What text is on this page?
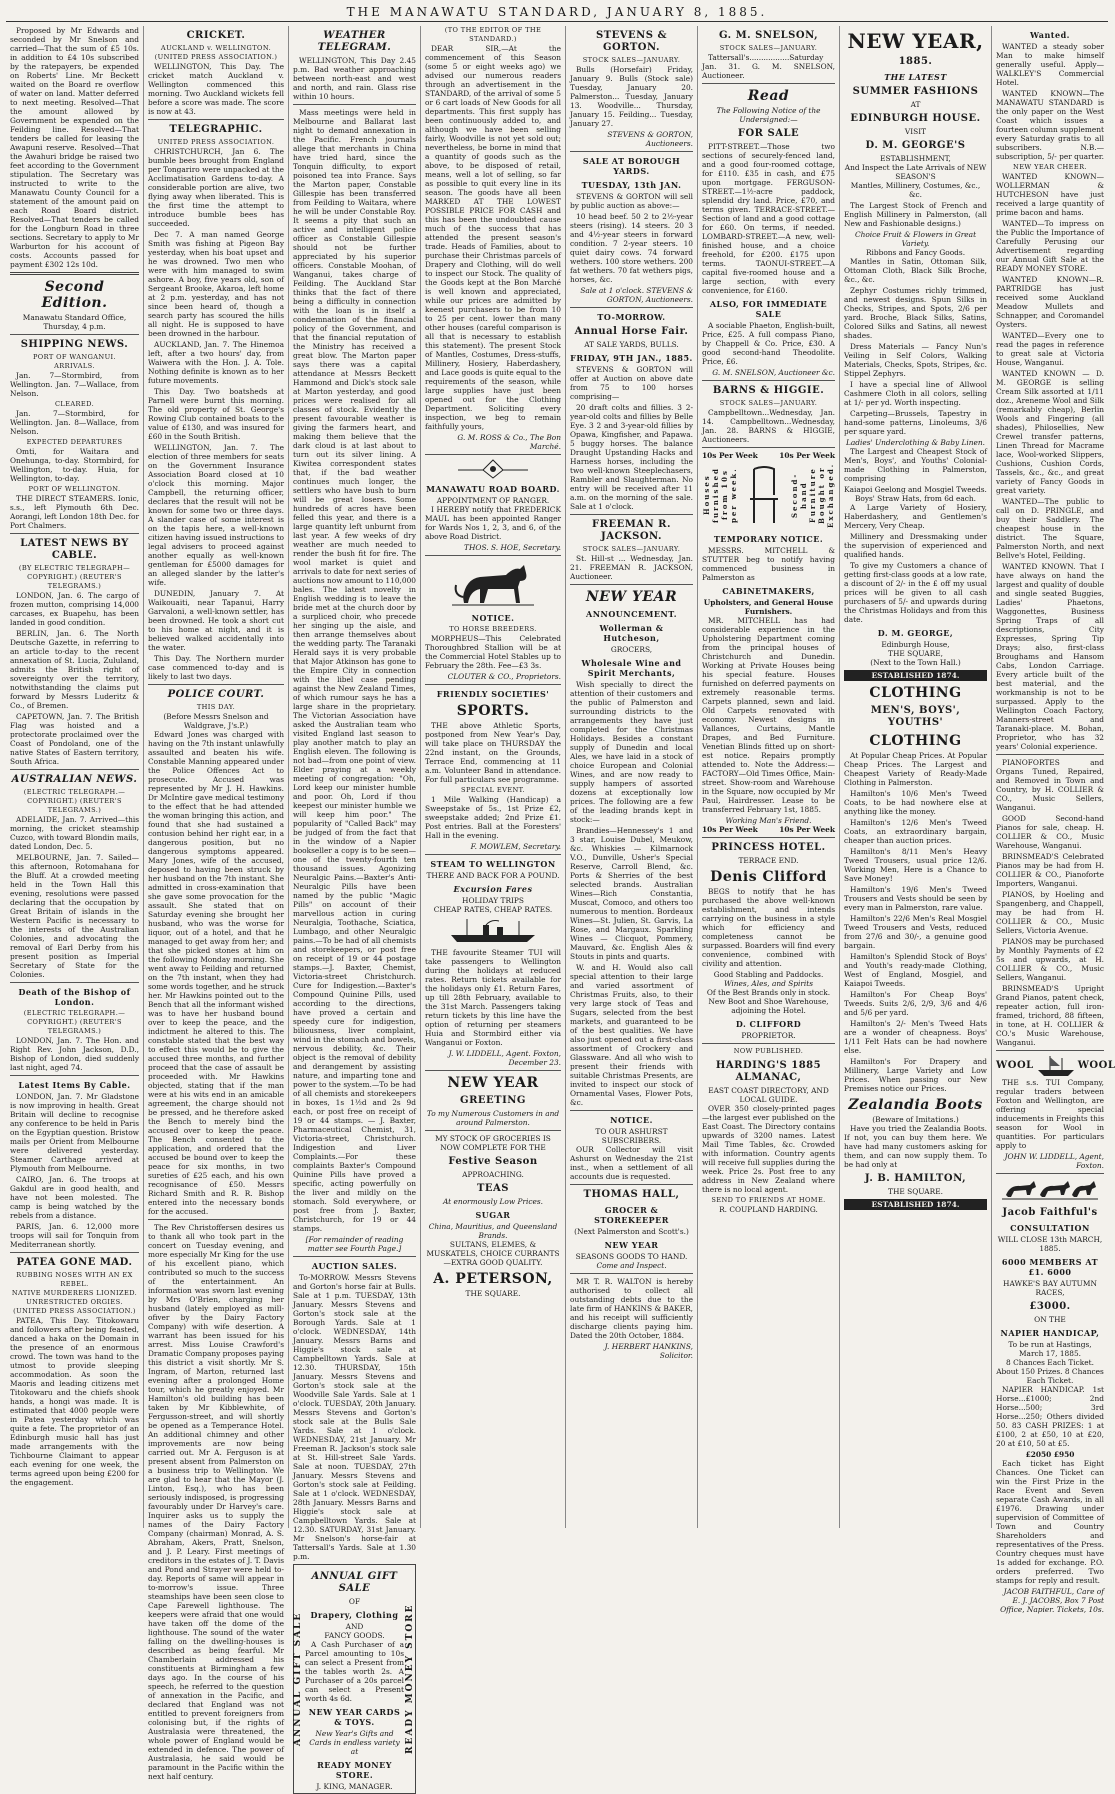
THE MANAWATU STANDARD, JANUARY 8, 1885.

Proposed by Mr Edwards and seconded by Mr Snelson and carried—That the sum of £5 10s. in addition to £4 10s subscribed by the ratepayers, be expended on Roberts' Line. Mr Beckett waited on the Board re overflow of water on land. Matter deferred to next meeting. Resolved—That the amount allowed by Government be expended on the Feilding line. Resolved—That tenders be called for leasing the Awapuni reserve. Resolved—That the Awahuri bridge be raised two feet according to the Government stipulation. The Secretary was instructed to write to the Manawatu County Council for a statement of the amount paid on each Road Board district. Resolved—That tenders be called for the Longburn Road in three sections. Secretary to apply to Mr Warburton for his account of costs. Accounts passed for payment £302 12s 10d.

Second Edition.
Manawatu Standard Office, Thursday, 4 p.m.
SHIPPING NEWS.
PORT OF WANGANUI.
ARRIVALS.

Jan. 7—Stormbird, from Wellington. Jan. 7—Wallace, from Nelson.

CLEARED.

Jan. 7—Stormbird, for Wellington. Jan. 8—Wallace, from Nelson.

EXPECTED DEPARTURES

Omti, for Waitara and Onehunga, to-day. Stormbird, for Wellington, to-day. Huia, for Wellington, to-day.

PORT OF WELLINGTON.

THE DIRECT STEAMERS. Ionic, s.s., left Plymouth 6th Dec. Aorangi, left London 18th Dec. for Port Chalmers.

LATEST NEWS BY CABLE.
(BY ELECTRIC TELEGRAPH—COPYRIGHT.) (REUTER'S TELEGRAMS.)

LONDON, Jan. 6. The cargo of frozen mutton, comprising 14,000 carcases, ex Buapehu, has been landed in good condition.

BERLIN, Jan. 6. The North Deutsche Gazette, in referring to an article to-day to the recent annexation of St. Lucia, Zululand, admits the British right of sovereignty over the territory, notwithstanding the claims put forward by Messrs Luderitz & Co., of Bremen.

CAPETOWN, Jan. 7. The British Flag was hoisted and a protectorate proclaimed over the Coast of Pondoland, one of the native States of Eastern territory, South Africa.

AUSTRALIAN NEWS.
(ELECTRIC TELEGRAPH.—COPYRIGHT.) (REUTER'S TELEGRAMS.)

ADELAIDE, Jan. 7. Arrived—this morning, the cricket steamship Cuzco, with toward Blondin mails, dated London, Dec. 5.

MELBOURNE, Jan. 7. Sailed—this afternoon, Rotomahana for the Bluff. At a crowded meeting held in the Town Hall this evening, resolutions were passed declaring that the occupation by Great Britain of islands in the Western Pacific is necessary to the interests of the Australian Colonies, and advocating the removal of Earl Derby from his present position as Imperial Secretary of State for the Colonies.

Death of the Bishop of London.
(ELECTRIC TELEGRAPH.—COPYRIGHT.) (REUTER'S TELEGRAMS.)

LONDON, Jan. 7. The Hon. and Right Rev. John Jackson, D.D., Bishop of London, died suddenly last night, aged 74.

Latest Items By Cable.

LONDON, Jan. 7. Mr Gladstone is now improving in health. Great Britain will decline to recognise any conference to be held in Paris on the Egyptian question. Bristow mails per Orient from Melbourne were delivered yesterday. Steamer Carthage arrived at Plymouth from Melbourne.

CAIRO, Jan. 6. The troops at Gakdul are in good health, and have not been molested. The camp is being watched by the rebels from a distance.

PARIS, Jan. 6. 12,000 more troops will sail for Tonquin from Mediterranean shortly.

PATEA GONE MAD.
RUBBING NOSES WITH AN EX REBEL.
NATIVE MURDERERS LIONIZED.
UNRESTRICTED ORGIES.
(UNITED PRESS ASSOCIATION.)

PATEA, This Day. Titokowaru and followers after being feasted, danced a haka on the Domain in the presence of an enormous crowd. The town was hand to the utmost to provide sleeping accommodation. As soon the Maoris and leading citizens met Titokowaru and the chiefs shook hands, a hongi was made. It is estimated that 4000 people were in Patea yesterday which was quite a fete. The proprietor of an Edinburgh music hall has just made arrangements with the Tichbourne Claimant to appear each evening for one week, the terms agreed upon being £200 for the engagement.

CRICKET.
AUCKLAND v. WELLINGTON.
(UNITED PRESS ASSOCIATION.)

WELLINGTON, This Day. The cricket match Auckland v. Wellington commenced this morning. Two Auckland wickets fell before a score was made. The score is now at 43.

TELEGRAPHIC.
UNITED PRESS ASSOCIATION.

CHRISTCHURCH, Jan 6. The bumble bees brought from England per Tongariro were unpacked at the Acclimatisation Gardens to-day. A considerable portion are alive, two flying away when liberated. This is the first time the attempt to introduce bumble bees has succeeded.

Dec 7. A man named George Smith was fishing at Pigeon Bay yesterday, when his boat upset and he was drowned. Two men who were with him managed to swim ashore. A boy, five years old, son of Sergeant Brooke, Akaroa, left home at 2 p.m. yesterday, and has not since been heard of, though a search party has scoured the hills all night. He is supposed to have been drowned in the harbour.

AUCKLAND, Jan. 7. The Hinemoa left, after a two hours' day, from Waiwera with the Hon. J. A. Tole. Nothing definite is known as to her future movements.

This Day. Two boatsheds at Parnell were burnt this morning. The old property of St. George's Rowing Club contained boats to the value of £130, and was insured for £60 in the South British.

WELLINGTON, Jan. 7. The election of three members for seats on the Government Insurance Association Board closed at 10 o'clock this morning. Major Campbell, the returning officer, declares that the result will not be known for some two or three days. A slander case of some interest is on the tapis here, a well-known citizen having issued instructions to legal advisers to proceed against another equally as well-known gentleman for £5000 damages for an alleged slander by the latter's wife.

DUNEDIN, January 7. At Waikouaiti, near Tapanui, Harry Garvaloni, a well-known settler, has been drowned. He took a short cut to his home at night, and it is believed walked accidentally into the water.

This Day. The Northern murder case commenced to-day and is likely to last two days.

POLICE COURT.
THIS DAY.
(Before Messrs Snelson and Waldgrave, J's.P.)

Edward Jones was charged with having on the 7th instant unlawfully assaulted and beaten his wife. Constable Manning appeared under the Police Offences Act to prosecute. Accused was represented by Mr J. H. Hawkins. Dr McIntire gave medical testimony to the effect that he had attended the woman bringing this action, and found that she had sustained a contusion behind her right ear, in a dangerous position, but no dangerous symptoms appeared. Mary Jones, wife of the accused, deposed to having been struck by her husband on the 7th instant. She admitted in cross-examination that she gave some provocation for the assault. She stated that on Saturday evening she brought her husband, who was the worse for liquor, out of a hotel, and that he managed to get away from her; and that she picked stones at him on the following Monday morning. She went away to Feilding and returned on the 7th instant, when they had some words together, and he struck her. Mr Hawkins pointed out to the Bench that all the informant wished was to have her husband bound over to keep the peace, and the indictment he altered to this. The constable stated that the best way to effect this would be to give the accused three months, and further proceed that the case of assault be proceeded with. Mr Hawkins objected, stating that if the man were at his wits end in an amicable agreement, the charge should not be pressed, and he therefore asked the Bench to merely bind the accused over to keep the peace. The Bench consented to the application, and ordered that the accused be bound over to keep the peace for six months, in two sureties of £25 each, and his own recognisance of £50. Messrs Richard Smith and R. R. Bishop entered into the necessary bonds for the accused.

The Rev Christoffersen desires us to thank all who took part in the concert on Tuesday evening, and more especially Mr King for the use of his excellent piano, which contributed so much to the success of the entertainment. An information was sworn last evening by Mrs O'Brien, charging her husband (lately employed as mill-ofiver by the Dairy Factory Company) with wife desertion. A warrant has been issued for his arrest. Miss Louise Crawford's Dramatic Company proposes paying this district a visit shortly. Mr S. Ingram, of Marton, returned last evening after a prolonged Home tour, which he greatly enjoyed. Mr Hamilton's old building has been taken by Mr Kibblewhite, of Fergusson-street, and will shortly be opened as a Temperance Hotel. An additional chimney and other improvements are now being carried out. Mr A. Ferguson is at present absent from Palmerston on a business trip to Wellington. We are glad to hear that the Mayor (J. Linton, Esq.), who has been seriously indisposed, is progressing favourably under Dr Harvey's care. Inquirer asks us to supply the names of the Dairy Factory Company (chairman) Monrad, A. S. Abraham, Akers, Pratt, Snelson, and J. P. Leary. First meetings of creditors in the estates of J. T. Davis and Pond and Strayer were held to-day. Reports of same will appear in to-morrow's issue. Three steamships have been seen close to Cape Farewell lighthouse. The keepers were afraid that one would have taken off the dome of the lighthouse. The sound of the water falling on the dwelling-houses is described as being fearful. Mr Chamberlain addressed his constituents at Birmingham a few days ago. In the course of his speech, he referred to the question of annexation in the Pacific, and declared that England was not entitled to prevent foreigners from colonising but, if the rights of Australasia were threatened, the whole power of England would be extended in defence. The power of Australasia, he said would be paramount in the Pacific within the next half century.

WEATHER TELEGRAM.

WELLINGTON, This Day 2.45 p.m. Bad weather approaching between north-east and west and north, and rain. Glass rise within 10 hours.

Mass meetings were held in Melbourne and Ballarat last night to demand annexation in the Pacific. French journals allege that merchants in China have tried hard, since the Tonquin difficulty, to export poisoned tea into France. Says the Marton paper, Constable Gillespie has been transferred from Feilding to Waitara, where he will be under Constable Roy. It seems a pity that such an active and intelligent police officer as Constable Gillespie should not be further appreciated by his superior officers. Constable Moohan, of Wanganui, takes charge of Feilding. The Auckland Star thinks that the fact of there being a difficulty in connection with the loan is in itself a condemnation of the financial policy of the Government, and that the financial reputation of the Ministry has received a great blow. The Marton paper says there was a capital attendance at Messrs Beckett Hammond and Dick's stock sale at Marton yesterday, and good prices were realised for all classes of stock. Evidently the present favourable weather is giving the farmers heart, and making them believe that the dark cloud is at last about to turn out its silver lining. A Kiwitea correspondent states that, if the bad weather continues much longer, the settlers who have bush to burn will be great losers. Some hundreds of acres have been felled this year, and there is a large quantity left unburnt from last year. A few weeks of dry weather are much needed to render the bush fit for fire. The wool market is quiet and arrivals to date for next series of auctions now amount to 110,000 bales. The latest novelty in English wedding is to leave the bride met at the church door by a surpliced choir, who precede her singing up the aisle, and then arrange themselves about the wedding party. The Taranaki Herald says it is very probable that Major Atkinson has gone to the Empire City in connection with the libel case pending against the New Zealand Times, of which rumour says he has a large share in the proprietary. The Victorian Association have asked the Australian team who visited England last season to play another match to play an English eleven. The following is not bad—from one point of view. Elder praying at a weekly meeting of congregation: "Oh, Lord keep our minister humble and poor. Oh, Lord if thou keepest our minister humble we will keep him poor." The popularity of "Called Back" may be judged of from the fact that in the window of a Napier bookseller a copy is to be seen—one of the twenty-fourth ten thousand issues. Agonizing Neuralgic Pains.—Baxter's Anti-Neuralgic Pills have been named by the public "Magic Pills" on account of their marvellous action in curing Neuralgia, Toothache, Sciatica, Lumbago, and other Neuralgic pains.—To be had of all chemists and storekeepers, or post free on receipt of 19 or 44 postage stamps.—J. Baxter, Chemist, Victoria-street Christchurch. Cure for Indigestion.—Baxter's Compound Quinine Pills, used according to the directions, have proved a certain and speedy cure for indigestion, biliousness, liver complaint, wind in the stomach and bowels, nervous debility, &c. Their object is the removal of debility and derangement by assisting nature, and imparting tone and power to the system.—To be had of all chemists and storekeepers in boxes, 1s 1½d and 2s 9d each, or post free on receipt of 19 or 44 stamps. — J. Baxter, Pharmaceutical Chemist, 31, Victoria-street, Christchurch. Indigestion and Liver Complaints.—For these complaints Baxter's Compound Quinine Pills have proved a specific, acting powerfully on the liver and mildly on the stomach. Sold everywhere, or post free from J. Baxter, Christchurch, for 19 or 44 stamps.

[For remainder of reading matter see Fourth Page.]
AUCTION SALES.

To-MORROW. Messrs Stevens and Gorton's horse fair at Bulls. Sale at 1 p.m. TUESDAY, 13th January. Messrs Stevens and Gorton's stock sale at the Borough Yards. Sale at 1 o'clock. WEDNESDAY, 14th January. Messrs Barns and Higgie's stock sale at Campbelltown Yards. Sale at 12.30. THURSDAY, 15th January. Messrs Stevens and Gorton's stock sale at the Woodville Sale Yards. Sale at 1 o'clock. TUESDAY, 20th January. Messrs Stevens and Gorton's stock sale at the Bulls Sale Yards. Sale at 1 o'clock. WEDNESDAY, 21st January. Mr Freeman R. Jackson's stock sale at St. Hill-street Sale Yards. Sale at noon. TUESDAY, 27th January. Messrs Stevens and Gorton's stock sale at Feilding. Sale at 1 o'clock. WEDNESDAY, 28th January. Messrs Barns and Higgie's stock sale at Campbelltown Yards. Sale at 12.30. SATURDAY, 31st January. Mr Snelson's horse-fair at Tattersall's Yards. Sale at 1.30 p.m.

ANNUAL GIFT SALE
ANNUAL GIFT SALE
OF
Drapery, Clothing
AND
FANCY GOODS.

A Cash Purchaser of a Parcel amounting to 10s can select a Present from the tables worth 2s. A Purchaser of a 20s parcel can select a Present worth 4s 6d.

NEW YEAR CARDS & TOYS.
New Year's Gifts and Cards in endless variety at
READY MONEY STORE.
J. KING, MANAGER.
READY MONEY STORE
(TO THE EDITOR OF THE STANDARD.)

DEAR SIR,—At the commencement of this Season (some 5 or eight weeks ago) we advised our numerous readers through an advertisement in the STANDARD, of the arrival of some 5 or 6 cart loads of New Goods for all departments. This first supply has been continuously added to, and although we have been selling fairly, Woodville is not yet sold out; nevertheless, be borne in mind that a quantity of goods such as the above, to be disposed of retail, means, well a lot of selling, so far as possible to quit every line in its season. The goods have all been MARKED AT THE LOWEST POSSIBLE PRICE FOR CASH and this has been the undoubted cause much of the success that has attended the present season's trade. Heads of Families, about to purchase their Christmas parcels of Drapery and Clothing, will do well to inspect our Stock. The quality of the Goods kept at the Bon Marché is well known and appreciated, while our prices are admitted by keenest purchasers to be from 10 to 25 per cent. lower than many other houses (careful comparison is all that is necessary to establish this statement). The present Stock of Mantles, Costumes, Dress-stuffs, Millinery, Hosiery, Haberdashery, and Lace goods is quite equal to the requirements of the season, while large supplies have just been opened out for the Clothing Department. Soliciting every inspection, we beg to remain faithfully yours,

G. M. ROSS & Co., The Bon Marché.
MANAWATU ROAD BOARD.
APPOINTMENT OF RANGER.

I HEREBY notify that FREDERICK MAUL has been appointed Ranger for Wards Nos 1, 2, 3, and 6, of the above Road District.

THOS. S. HOE, Secretary.
NOTICE.
TO HORSE BREEDERS.

MORPHEUS—This Celebrated Thoroughbred Stallion will be at the Commercial Hotel Stables up to February the 28th. Fee—£3 3s.

CLOUTER & CO., Proprietors.
FRIENDLY SOCIETIES'
SPORTS.

THE above Athletic Sports, postponed from New Year's Day, will take place on THURSDAY the 22nd instant, on the Grounds, Terrace End, commencing at 11 a.m. Volunteer Band in attendance. For full particulars see programme.

SPECIAL EVENT.

1 Mile Walking (Handicap) a Sweepstake of 5s., 1st Prize £2, sweepstake added; 2nd Prize £1. Post entries. Ball at the Foresters' Hall in the evening.

F. MOWLEM, Secretary.
STEAM TO WELLINGTON
THERE AND BACK FOR A POUND.
Excursion Fares
HOLIDAY TRIPS
CHEAP RATES, CHEAP RATES.

THE favourite Steamer TUI will take passengers to Wellington during the holidays at reduced rates. Return tickets available for the holidays only £1. Return Fares, up till 28th February, available to the 31st March. Passengers taking return tickets by this line have the option of returning per steamers Huia and Stormbird either via Wanganui or Foxton.

J. W. LIDDELL, Agent. Foxton, December 23.
NEW YEAR
GREETING
To my Numerous Customers in and around Palmerston.
MY STOCK OF GROCERIES IS NOW COMPLETE FOR THE
Festive Season
APPROACHING.
TEAS
At enormously Low Prices.
SUGAR
China, Mauritius, and Queensland Brands.
SULTANS, ELEMES, & MUSKATELS, CHOICE CURRANTS—EXTRA GOOD QUALITY.
A. PETERSON,
THE SQUARE.
STEVENS & GORTON.
STOCK SALES—JANUARY.

Bulls (Horsefair) Friday, January 9. Bulls (Stock sale) Tuesday, January 20. Palmerston... Tuesday, January 13. Woodville... Thursday, January 15. Feilding... Tuesday, January 27.

STEVENS & GORTON, Auctioneers.
SALE AT BOROUGH YARDS.
TUESDAY, 13th JAN.

STEVENS & GORTON will sell by public auction as above:—

10 head beef. 50 2 to 2½-year steers (rising). 14 steers. 20 3 and 4½-year steers in forward condition. 7 2-year steers. 10 quiet dairy cows. 74 forward wethers. 100 store wethers. 200 fat wethers. 70 fat wethers pigs, horses, &c.

Sale at 1 o'clock. STEVENS & GORTON, Auctioneers.
TO-MORROW.
Annual Horse Fair.
AT SALE YARDS, BULLS.
FRIDAY, 9TH JAN., 1885.

STEVENS & GORTON will offer at Auction on above date from 75 to 100 horses comprising—

20 draft colts and fillies. 3 2-year-old colts and fillies by Belle Eye. 3 2 and 3-year-old fillies by Opawa, Kingfisher, and Papawa. 5 buggy horses. The balance Draught Upstanding Hacks and Harness horses, including the two well-known Steeplechasers, Rambler and Slaughterman. No entry will be received after 11 a.m. on the morning of the sale. Sale at 1 o'clock.

FREEMAN R. JACKSON.
STOCK SALES—JANUARY.

St. Hill-st ... Wednesday, Jan. 21. FREEMAN R. JACKSON, Auctioneer.

NEW YEAR
ANNOUNCEMENT.
Wollerman & Hutcheson,
GROCERS,
Wholesale Wine and Spirit Merchants,

Wish specially to direct the attention of their customers and the public of Palmerston and surrounding districts to the arrangements they have just completed for the Christmas Holidays. Besides a constant supply of Dunedin and local Ales, we have laid in a stock of choice European and Colonial Wines, and are now ready to supply hampers of assorted dozens at exceptionally low prices. The following are a few of the leading brands kept in stock:—

Brandies—Hennessey's 1 and 3 star, Louise Dubel, Meukow, &c. Whiskies — Kilmarnock V.O., Dunville, Usher's Special Reserve, Carroll Blend, &c. Ports & Sherries of the best selected brands. Australian Wines—Rich Constantia, Muscat, Comoco, and others too numerous to mention. Bordeaux Wines—St. Julien, St. Garvis, La Rose, and Margaux. Sparkling Wines — Clicquot, Pommery, Mauvard, &c. English Ales & Stouts in pints and quarts.

W. and H. Would also call special attention to their large and varied assortment of Christmas Fruits, also, to their very large stock of Teas and Sugars, selected from the best markets, and guaranteed to be of the best qualities. We have also just opened out a first-class assortment of Crockery and Glassware. And all who wish to present their friends with suitable Christmas Presents, are invited to inspect our stock of Ornamental Vases, Flower Pots, &c.

NOTICE.
TO OUR ASHURST SUBSCRIBERS.

OUR Collector will visit Ashurst on Wednesday the 21st inst., when a settlement of all accounts due is requested.

THOMAS HALL,
GROCER & STOREKEEPER
(Next Palmerston and Scott's.)
NEW YEAR
SEASONS GOODS TO HAND.
Come and Inspect.

MR T. R. WALTON is hereby authorised to collect all outstanding debts due to the late firm of HANKINS & BAKER, and his receipt will sufficiently discharge clients paying him. Dated the 20th October, 1884.

J. HERBERT HANKINS, Solicitor.
G. M. SNELSON,
STOCK SALES—JANUARY.

Tattersall's.................Saturday Jan. 31. G. M. SNELSON, Auctioneer.

Read
The Following Notice of the Undersigned:—
FOR SALE

PITT-STREET.—Those two sections of securely-fenced land, and a good four-roomed cottage, for £110. £35 in cash, and £75 upon mortgage. FERGUSON-STREET.—1½-acre paddock, splendid dry land. Price, £70, and terms given. TERRACE-STREET.—Section of land and a good cottage for £60. On terms, if needed. LOMBARD-STREET.—A new, well-finished house, and a choice freehold, for £200. £175 upon terms. TAONUI-STREET.—A capital five-roomed house and a large section, with every convenience, for £160.

ALSO, FOR IMMEDIATE SALE

A sociable Phaeton, English-built, Price, £25. A full compass Piano, by Chappell & Co. Price, £30. A good second-hand Theodolite. Price, £6.

G. M. SNELSON, Auctioneer &c.
BARNS & HIGGIE.
STOCK SALES—JANUARY.

Campbelltown...Wednesday, Jan. 14. Campbelltown...Wednesday, Jan. 28. BARNS & HIGGIE, Auctioneers.

10s Per Week	10s Per Week
Houses furnished from 10s per week.	Second-hand Furniture Bought or Exchanged.
TEMPORARY NOTICE.

MESSRS. MITCHELL & STUTTER beg to notify having commenced business in Palmerston as

CABINETMAKERS,
Upholsters, and General House Furnishers.

MR. MITCHELL has had considerable experience in the Upholstering Department coming from the principal houses of Christchurch and Dunedin. Working at Private Houses being his special feature. Houses furnished on deferred payments on extremely reasonable terms. Carpets planned, sewn and laid. Old Carpets renovated with economy. Newest designs in Vallances, Curtains, Mantle Drapes, and Bed Furniture. Venetian Blinds fitted up on short-est notice. Repairs promptly attended to. Note the Address:— FACTORY—Old Times Office, Main-street. Show-room and Warehouse in the Square, now occupied by Mr Paul, Hairdresser. Lease to be transferred February 1st, 1885.

Working Man's Friend.
10s Per Week	10s Per Week
PRINCESS HOTEL.
TERRACE END.
Denis Clifford

BEGS to notify that he has purchased the above well-known establishment, and intends carrying on the business in a style which for efficiency and completeness cannot be surpassed. Boarders will find every convenience, combined with civility and attention.

Good Stabling and Paddocks.
Wines, Ales, and Spirits
Of the Best Brands only in stock.
New Boot and Shoe Warehouse, adjoining the Hotel.
D. CLIFFORD
PROPRIETOR.
NOW PUBLISHED.
HARDING'S 1885 ALMANAC,
EAST COAST DIRECTORY, AND LOCAL GUIDE.

OVER 350 closely-printed pages—the largest ever published on the East Coast. The Directory contains upwards of 3200 names. Latest Mail Time Tables, &c. Crowded with information. Country agents will receive full supplies during the week. Price 2s. Post free to any address in New Zealand where there is no local agent.

SEND TO FRIENDS AT HOME.
R. COUPLAND HARDING.
NEW YEAR,
1885.
THE LATEST
SUMMER FASHIONS
AT
EDINBURGH HOUSE.
VISIT
D. M. GEORGE'S
ESTABLISHMENT,
And Inspect the Late Arrivals of NEW SEASON'S

Mantles, Millinery, Costumes, &c., &c.

The Largest Stock of French and English Millinery in Palmerston, (all New and Fashionable designs.)

Choice Fruit & Flowers in Great Variety.
Ribbons and Fancy Goods.

Mantles in Satin, Ottoman Silk, Ottoman Cloth, Black Silk Broche, &c., &c.

Zephyr Costumes richly trimmed, and newest designs. Spun Silks in Checks, Stripes, and Spots, 2/6 per yard. Broche, Black Silks, Satins, Colored Silks and Satins, all newest shades.

Dress Materials — Fancy Nun's Veiling in Self Colors, Walking Materials, Checks, Spots, Stripes, &c. Stippel Zephyrs.

I have a special line of Allwool Cashmere Cloth in all colors, selling at 1/- per yd. Worth inspecting.

Carpeting—Brussels, Tapestry in hand-some patterns, Linoleums, 3/6 per square yard.

Ladies' Underclothing & Baby Linen.

The Largest and Cheapest Stock of Men's, Boys', and Youths' Colonial-made Clothing in Palmerston, comprising

Kaiapoi Geelong and Mosgiel Tweeds.
Boys' Straw Hats, from 6d each.

A Large Variety of Hosiery, Haberdashery, and Gentlemen's Mercery, Very Cheap.

Millinery and Dressmaking under the supervision of experienced and qualified hands.

To give my Customers a chance of getting first-class goods at a low rate, a discount of 2/- in the £ off my usual prices will be given to all cash purchasers of 5/- and upwards during the Christmas Holidays and from this date.

D. M. GEORGE,
Edinburgh House,
THE SQUARE,
(Next to the Town Hall.)
ESTABLISHED 1874.
CLOTHING
MEN'S, BOYS', YOUTHS'
CLOTHING

At Popular Cheap Prices. At Popular Cheap Prices. The Largest and Cheapest Variety of Ready-Made Clothing in Palmerston.

Hamilton's 10/6 Men's Tweed Coats, to be had nowhere else at anything like the money.

Hamilton's 12/6 Men's Tweed Coats, an extraordinary bargain, cheaper than auction prices.

Hamilton's 8/11 Men's Heavy Tweed Trousers, usual price 12/6. Working Men, Here is a Chance to Save Money!

Hamilton's 19/6 Men's Tweed Trousers and Vests should be seen by every man in Palmerston, rare value.

Hamilton's 22/6 Men's Real Mosgiel Tweed Trousers and Vests, reduced from 27/6 and 30/-, a genuine good bargain.

Hamilton's Splendid Stock of Boys' and Youth's ready-made Clothing, West of England, Mosgiel, and Kaiapoi Tweeds.

Hamilton's For Cheap Boys' Tweeds. Suits 2/6, 2/9, 3/6 and 4/6 and 5/6 per yard.

Hamilton's 2/- Men's Tweed Hats are a wonder of cheapness. Boys' 1/11 Felt Hats can be had nowhere else.

Hamilton's For Drapery and Millinery, Large Variety and Low Prices. When passing our New Premises notice our Prices.

Zealandia Boots
(Beware of Imitations.)

Have you tried the Zealandia Boots. If not, you can buy them here. We have had many customers asking for them, and can now supply them. To be had only at

J. B. HAMILTON,
THE SQUARE.
ESTABLISHED 1874.
Wanted.

WANTED a steady sober Man to make himself generally useful. Apply—WALKLEY'S Commercial Hotel.

WANTED KNOWN—The MANAWATU STANDARD is the only paper on the West Coast which issues a fourteen column supplement every Saturday gratis to all subscribers. N.B.—subscription, 5/- per quarter.

NEW YEAR CHEER.

WANTED KNOWN—WOLLERMAN & HUTCHESON have just received a large quantity of prime bacon and hams.

WANTED—To impress on the Public the Importance of Carefully Perusing our Advertisement regarding our Annual Gift Sale at the READY MONEY STORE.

WANTED KNOWN—R. PARTRIDGE has just received some Auckland Meadow Mullets and Schnapper, and Coromandel Oysters.

WANTED—Every one to read the pages in reference to great sale at Victoria House, Wanganui.

WANTED KNOWN — D. M. GEORGE is selling Cream Silk assorted at 1/11 doz., Areneme Wool and Silk (remarkably cheap), Berlin Wools and Fingering (all shades), Philosellies, New Crewel transfer patterns, Linen Thread for Macrame lace, Wool-worked Slippers, Cushions, Cushion Cords, Tassels, &c., &c., and great variety of Fancy Goods in great variety.

WANTED—The public to call on D. PRINGLE, and buy their Saddlery. The cheapest house in the district. The Square, Palmerston North, and next Bellve's Hotel, Feilding.

WANTED KNOWN. That I have always on hand the largest and quality of double and single seated Buggies, Ladies' Phaetons, Waggonettes, Business Spring Traps of all descriptions, City Expresses, Spring Tip Drays; also, first-class Broughams and Hansom Cabs, London Carriage. Every article built of the best material, and the workmanship is not to be surpassed. Apply to the Wellington Coach Factory, Manners-street and Taranaki-place. M. Bohan, Proprietor, who has 32 years' Colonial experience.

PIANOFORTES and Organs Tuned, Repaired, and Removed in Town and Country, by H. COLLIER & CO., Music Sellers, Wanganui.

GOOD Second-hand Pianos for sale, cheap. H. COLLIER & CO., Music Warehouse, Wanganui.

BRINSMEAD'S Celebrated Pianos may be had from H. COLLIER & CO., Pianoforte Importers, Wanganui.

PIANOS, by Hoeling and Spangenberg, and Chappell, may be had from H. COLLIER & CO., Music Sellers, Victoria Avenue.

PIANOS may be purchased by Monthly Payments of £2 5s and upwards, at H. COLLIER & CO., Music Sellers, Wanganui.

BRINSMEAD'S Upright Grand Pianos, patent check, repeater action, full iron-framed, trichord, 88 fifteen, in tone, at H. COLLIER & CO.'s Music Warehouse, Wanganui.

WOOL	WOOL

THE s.s. TUI Company, regular traders between Foxton and Wellington, are offering special inducements in Freights this season for Wool in quantities. For particulars apply to

JOHN W. LIDDELL, Agent, Foxton.
Jacob Faithful's
CONSULTATION
WILL CLOSE 13th MARCH, 1885.
6000 MEMBERS AT £1. 6000
HAWKE'S BAY AUTUMN RACES,
£3000.
ON THE
NAPIER HANDICAP,
To be run at Hastings, March 17, 1885.
8 Chances Each Ticket. About 150 Prizes. 8 Chances Each Ticket.

NAPIER HANDICAP. 1st Horse...£1000; 2nd Horse...500; 3rd Horse...250; Others divided 50. 83 CASH PRIZES: 1 at £100, 2 at £50, 10 at £20, 20 at £10, 50 at £5.

£2050 £950

Each ticket has Eight Chances. One Ticket can win the First Prize in the Race Event and Seven separate Cash Awards, in all £1976. Drawing under supervision of Committee of Town and Country Shareholders and representatives of the Press. Country cheques must have 1s added for exchange. P.O. orders preferred. Two stamps for reply and result.

JACOB FAITHFUL, Care of E. J. JACOBS, Box 7 Post Office, Napier. Tickets, 10s.
